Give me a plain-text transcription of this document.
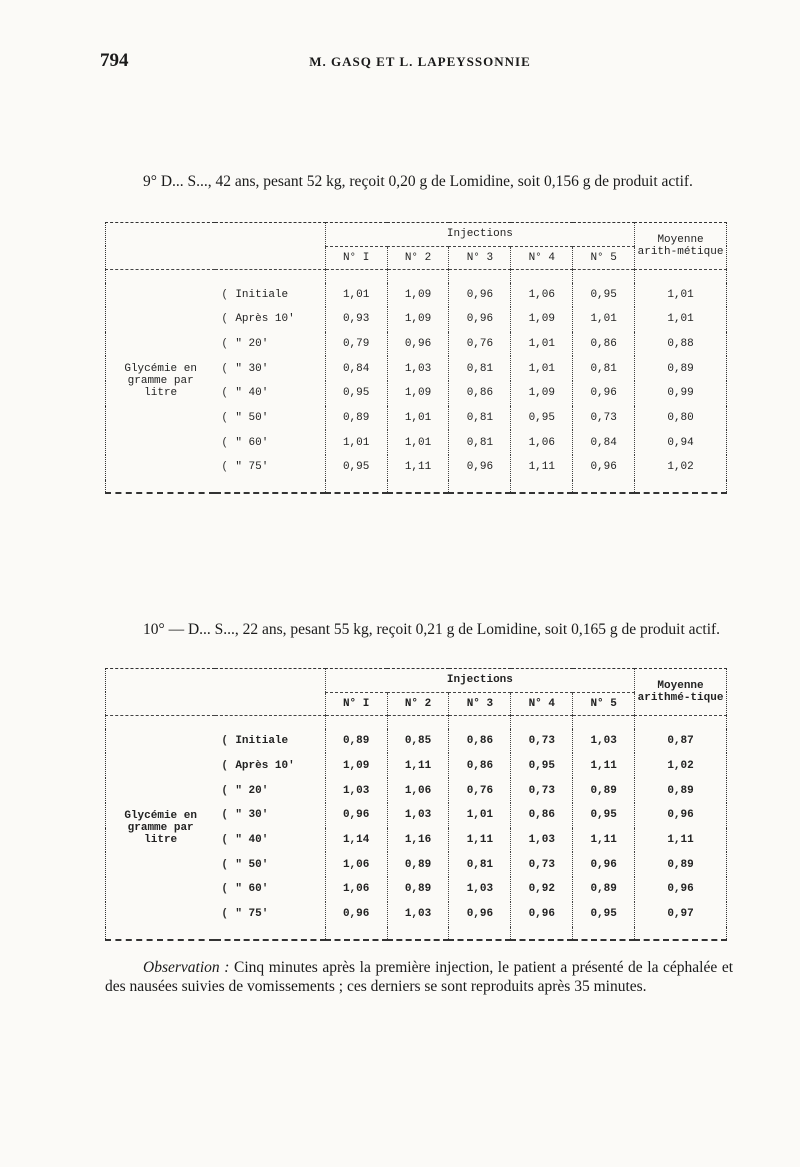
794	M. GASQ ET L. LAPEYSSONNIE
9° D... S..., 42 ans, pesant 52 kg, reçoit 0,20 g de Lomidine, soit 0,156 g de produit actif.
		Injections					Moyenne arith-métique
		N° I	N° 2	N° 3	N° 4	N° 5	

Glycémie en gramme par litre	( Initiale	1,01	1,09	0,96	1,06	0,95	1,01
	( Après 10'	0,93	1,09	0,96	1,09	1,01	1,01
	( " 20'	0,79	0,96	0,76	1,01	0,86	0,88
	( " 30'	0,84	1,03	0,81	1,01	0,81	0,89
	( " 40'	0,95	1,09	0,86	1,09	0,96	0,99
	( " 50'	0,89	1,01	0,81	0,95	0,73	0,80
	( " 60'	1,01	1,01	0,81	1,06	0,84	0,94
	( " 75'	0,95	1,11	0,96	1,11	0,96	1,02

10° — D... S..., 22 ans, pesant 55 kg, reçoit 0,21 g de Lomidine, soit 0,165 g de produit actif.
		Injections					Moyenne arithmé-tique
		N° I	N° 2	N° 3	N° 4	N° 5	

Glycémie en gramme par litre	( Initiale	0,89	0,85	0,86	0,73	1,03	0,87
	( Après 10'	1,09	1,11	0,86	0,95	1,11	1,02
	( " 20'	1,03	1,06	0,76	0,73	0,89	0,89
	( " 30'	0,96	1,03	1,01	0,86	0,95	0,96
	( " 40'	1,14	1,16	1,11	1,03	1,11	1,11
	( " 50'	1,06	0,89	0,81	0,73	0,96	0,89
	( " 60'	1,06	0,89	1,03	0,92	0,89	0,96
	( " 75'	0,96	1,03	0,96	0,96	0,95	0,97

Observation : Cinq minutes après la première injection, le patient a présenté de la céphalée et des nausées suivies de vomissements ; ces derniers se sont reproduits après 35 minutes.
